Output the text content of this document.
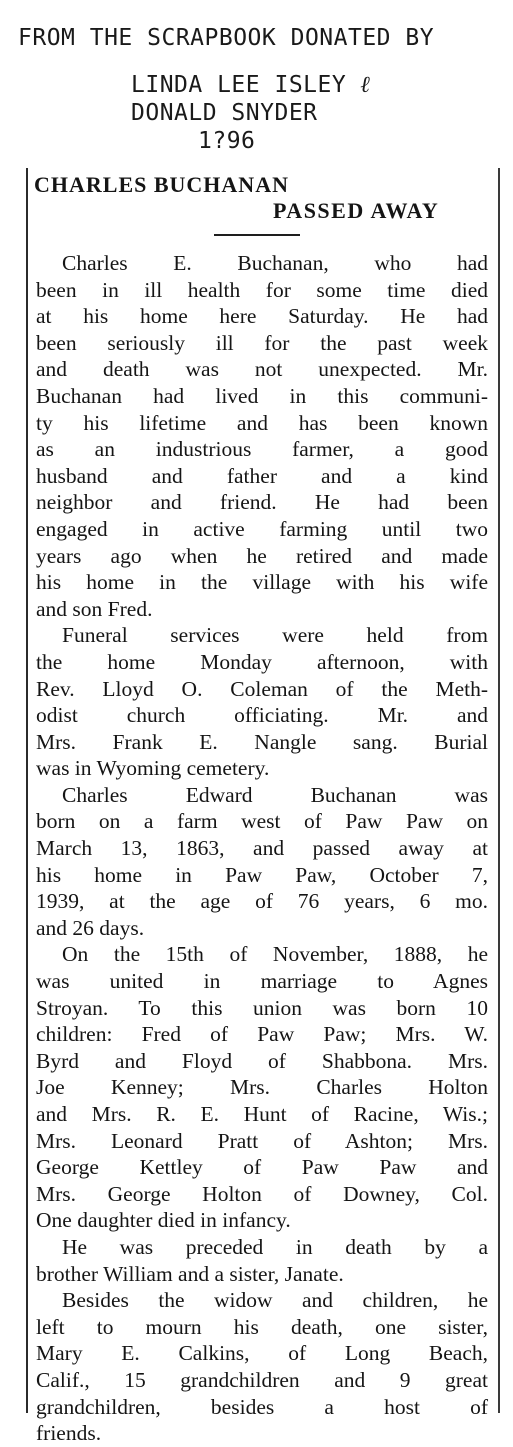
FROM THE SCRAPBOOK DONATED BY
LINDA LEE ISLEY ℓ
DONALD SNYDER
1?96
CHARLES BUCHANAN
PASSED AWAY
Charles E. Buchanan, who had
been in ill health for some time died
at his home here Saturday. He had
been seriously ill for the past week
and death was not unexpected. Mr.
Buchanan had lived in this communi-
ty his lifetime and has been known
as an industrious farmer, a good
husband and father and a kind
neighbor and friend. He had been
engaged in active farming until two
years ago when he retired and made
his home in the village with his wife
and son Fred.
Funeral services were held from
the home Monday afternoon, with
Rev. Lloyd O. Coleman of the Meth-
odist church officiating. Mr. and
Mrs. Frank E. Nangle sang. Burial
was in Wyoming cemetery.
Charles Edward Buchanan was
born on a farm west of Paw Paw on
March 13, 1863, and passed away at
his home in Paw Paw, October 7,
1939, at the age of 76 years, 6 mo.
and 26 days.
On the 15th of November, 1888, he
was united in marriage to Agnes
Stroyan. To this union was born 10
children: Fred of Paw Paw; Mrs. W.
Byrd and Floyd of Shabbona. Mrs.
Joe Kenney; Mrs. Charles Holton
and Mrs. R. E. Hunt of Racine, Wis.;
Mrs. Leonard Pratt of Ashton; Mrs.
George Kettley of Paw Paw and
Mrs. George Holton of Downey, Col.
One daughter died in infancy.
He was preceded in death by a
brother William and a sister, Janate.
Besides the widow and children, he
left to mourn his death, one sister,
Mary E. Calkins, of Long Beach,
Calif., 15 grandchildren and 9 great
grandchildren, besides a host of
friends.
